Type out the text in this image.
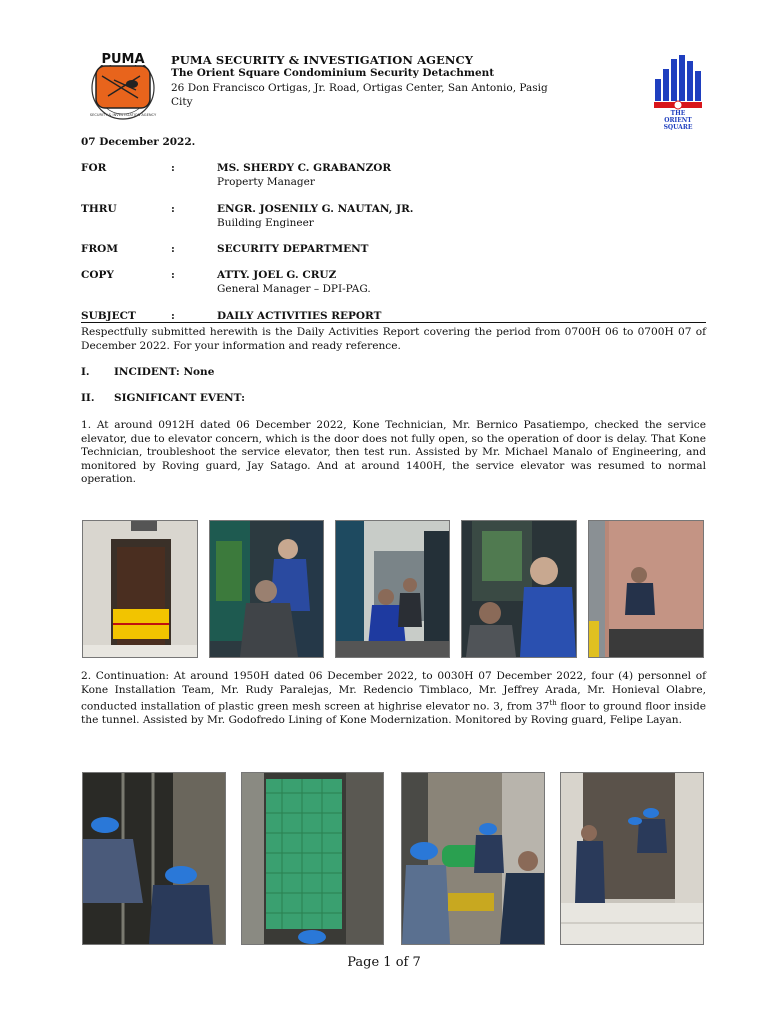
PUMA
SECURITY & INVESTIGATION AGENCY	THE
ORIENT
SQUARE
PUMA SECURITY & INVESTIGATION AGENCY
The Orient Square Condominium Security Detachment
26 Don Francisco Ortigas, Jr. Road, Ortigas Center, San Antonio, Pasig City
07 December 2022.
FOR	:	MS. SHERDY C. GRABANZOR
Property Manager
THRU	:	ENGR. JOSENILY G. NAUTAN, JR.
Building Engineer
FROM	:	SECURITY DEPARTMENT
COPY	:	ATTY. JOEL G. CRUZ
General Manager – DPI-PAG.
SUBJECT	:	DAILY ACTIVITIES REPORT
Respectfully submitted herewith is the Daily Activities Report covering the period from 0700H 06 to 0700H 07 of December 2022. For your information and ready reference.
I. INCIDENT: None
II. SIGNIFICANT EVENT:
1. At around 0912H dated 06 December 2022, Kone Technician, Mr. Bernico Pasatiempo, checked the service elevator, due to elevator concern, which is the door does not fully open, so the operation of door is delay. That Kone Technician, troubleshoot the service elevator, then test run. Assisted by Mr. Michael Manalo of Engineering, and monitored by Roving guard, Jay Satago. And at around 1400H, the service elevator was resumed to normal operation.
2. Continuation: At around 1950H dated 06 December 2022, to 0030H 07 December 2022, four (4) personnel of Kone Installation Team, Mr. Rudy Paralejas, Mr. Redencio Timblaco, Mr. Jeffrey Arada, Mr. Honieval Olabre, conducted installation of plastic green mesh screen at highrise elevator no. 3, from 37th floor to ground floor inside the tunnel. Assisted by Mr. Godofredo Lining of Kone Modernization. Monitored by Roving guard, Felipe Layan.
Page 1 of 7
